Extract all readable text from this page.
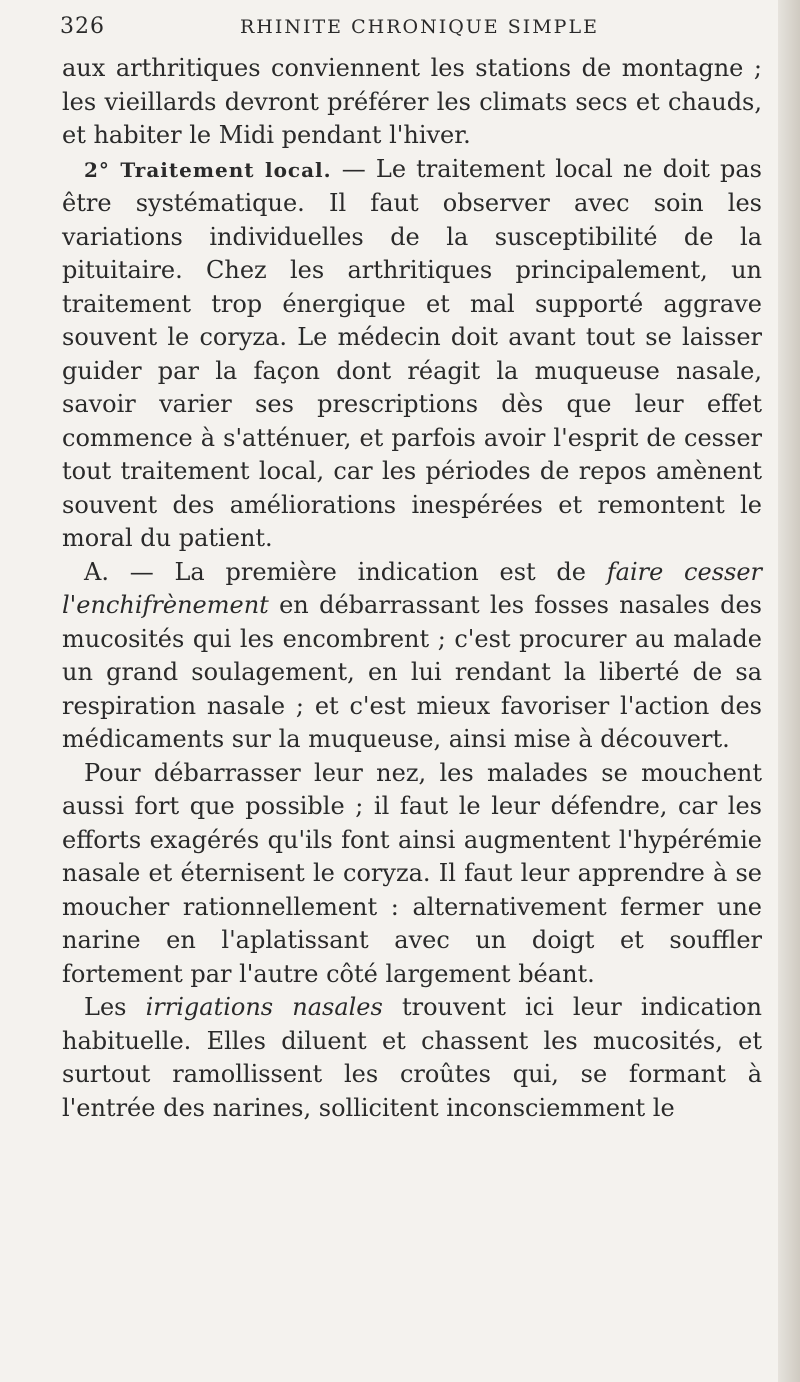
326	RHINITE CHRONIQUE SIMPLE

aux arthritiques conviennent les stations de montagne ; les vieillards devront préférer les climats secs et chauds, et habiter le Midi pendant l'hiver.

2° Traitement local. — Le traitement local ne doit pas être systématique. Il faut observer avec soin les variations individuelles de la susceptibilité de la pituitaire. Chez les arthritiques principalement, un traitement trop énergique et mal supporté aggrave souvent le coryza. Le médecin doit avant tout se laisser guider par la façon dont réagit la muqueuse nasale, savoir varier ses prescriptions dès que leur effet commence à s'atténuer, et parfois avoir l'esprit de cesser tout traitement local, car les périodes de repos amènent souvent des améliorations inespérées et remontent le moral du patient.

A. — La première indication est de faire cesser l'enchifrènement en débarrassant les fosses nasales des mucosités qui les encombrent ; c'est procurer au malade un grand soulagement, en lui rendant la liberté de sa respiration nasale ; et c'est mieux favoriser l'action des médicaments sur la muqueuse, ainsi mise à découvert.

Pour débarrasser leur nez, les malades se mouchent aussi fort que possible ; il faut le leur défendre, car les efforts exagérés qu'ils font ainsi augmentent l'hypérémie nasale et éternisent le coryza. Il faut leur apprendre à se moucher rationnellement : alternativement fermer une narine en l'aplatissant avec un doigt et souffler fortement par l'autre côté largement béant.

Les irrigations nasales trouvent ici leur indication habituelle. Elles diluent et chassent les mucosités, et surtout ramollissent les croûtes qui, se formant à l'entrée des narines, sollicitent inconsciemment le
